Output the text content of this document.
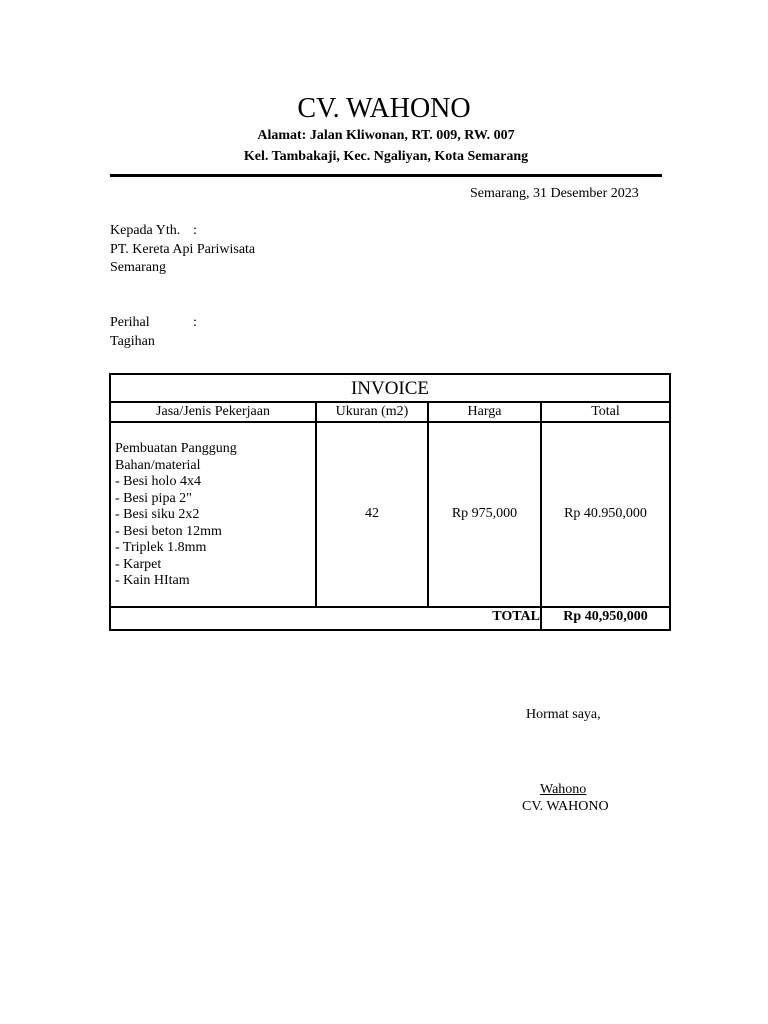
CV. WAHONO
Alamat: Jalan Kliwonan, RT. 009, RW. 007
Kel. Tambakaji, Kec. Ngaliyan, Kota Semarang
Semarang, 31 Desember 2023
Kepada Yth. :
PT. Kereta Api Pariwisata
Semarang
Perihal	:
Tagihan
INVOICE
Jasa/Jenis Pekerjaan	Ukuran (m2)	Harga	Total
Pembuatan Panggung
Bahan/material
- Besi holo 4x4
- Besi pipa 2"
- Besi siku 2x2
- Besi beton 12mm
- Triplek 1.8mm
- Karpet
- Kain HItam
42	Rp 975,000	Rp 40.950,000
TOTAL	Rp 40,950,000
Hormat saya,
Wahono
CV. WAHONO
